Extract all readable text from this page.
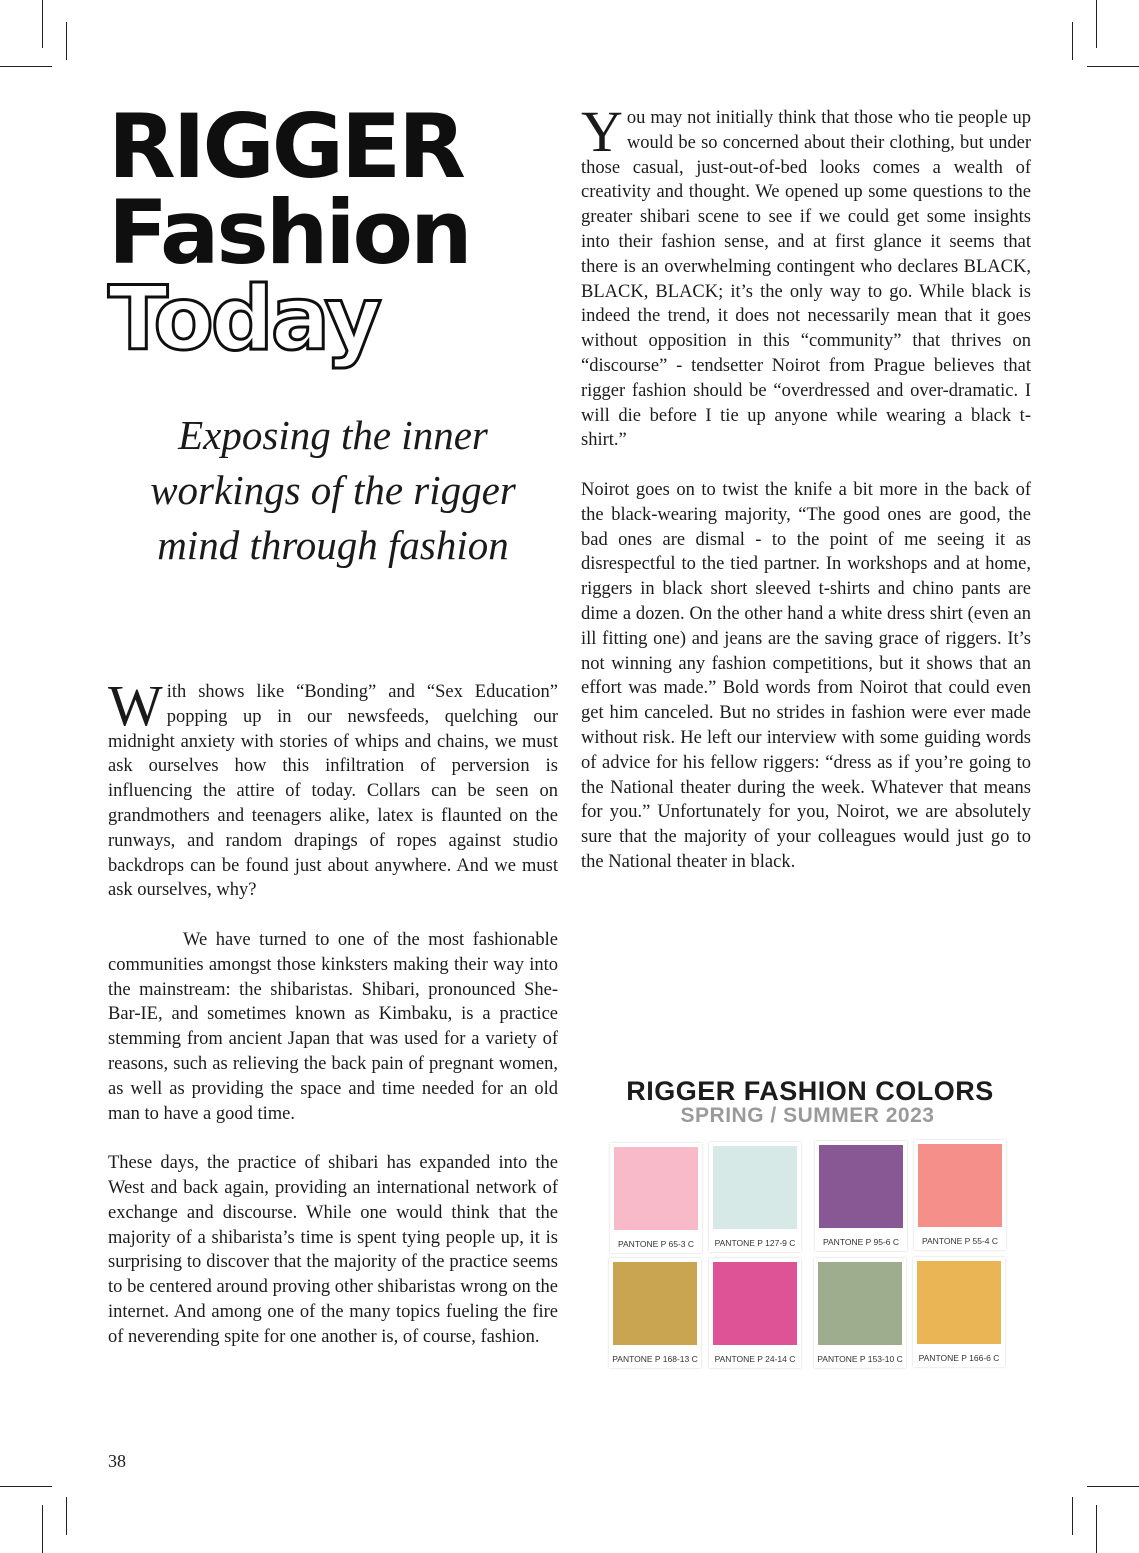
RIGGER
Fashion
Today
Exposing the inner workings of the rigger mind through fashion

With shows like “Bonding” and “Sex Education” popping up in our newsfeeds, quelching our midnight anxiety with stories of whips and chains, we must ask ourselves how this infiltration of perversion is influencing the attire of today. Collars can be seen on grandmothers and teenagers alike, latex is flaunted on the runways, and random drapings of ropes against studio backdrops can be found just about anywhere. And we must ask ourselves, why?

We have turned to one of the most fashionable communities amongst those kinksters making their way into the mainstream: the shibaristas. Shibari, pronounced She-Bar-IE, and sometimes known as Kimbaku, is a practice stemming from ancient Japan that was used for a variety of reasons, such as relieving the back pain of pregnant women, as well as providing the space and time needed for an old man to have a good time.

These days, the practice of shibari has expanded into the West and back again, providing an international network of exchange and discourse. While one would think that the majority of a shibarista’s time is spent tying people up, it is surprising to discover that the majority of the practice seems to be centered around proving other shibaristas wrong on the internet. And among one of the many topics fueling the fire of neverending spite for one another is, of course, fashion.

38

You may not initially think that those who tie people up would be so concerned about their clothing, but under those casual, just-out-of-bed looks comes a wealth of creativity and thought. We opened up some questions to the greater shibari scene to see if we could get some insights into their fashion sense, and at first glance it seems that there is an overwhelming contingent who declares BLACK, BLACK, BLACK; it’s the only way to go. While black is indeed the trend, it does not necessarily mean that it goes without opposition in this “community” that thrives on “discourse” - tendsetter Noirot from Prague believes that rigger fashion should be “overdressed and over-dramatic. I will die before I tie up anyone while wearing a black t-shirt.”

Noirot goes on to twist the knife a bit more in the back of the black-wearing majority, “The good ones are good, the bad ones are dismal - to the point of me seeing it as disrespectful to the tied partner. In workshops and at home, riggers in black short sleeved t-shirts and chino pants are dime a dozen. On the other hand a white dress shirt (even an ill fitting one) and jeans are the saving grace of riggers. It’s not winning any fashion competitions, but it shows that an effort was made.” Bold words from Noirot that could even get him canceled. But no strides in fashion were ever made without risk. He left our interview with some guiding words of advice for his fellow riggers: “dress as if you’re going to the National theater during the week. Whatever that means for you.” Unfortunately for you, Noirot, we are absolutely sure that the majority of your colleagues would just go to the National theater in black.

RIGGER FASHION COLORS
SPRING / SUMMER 2023
PANTONE P 65-3 C	PANTONE P 127-9 C	PANTONE P 95-6 C	PANTONE P 55-4 C
PANTONE P 168-13 C	PANTONE P 24-14 C	PANTONE P 153-10 C	PANTONE P 166-6 C
